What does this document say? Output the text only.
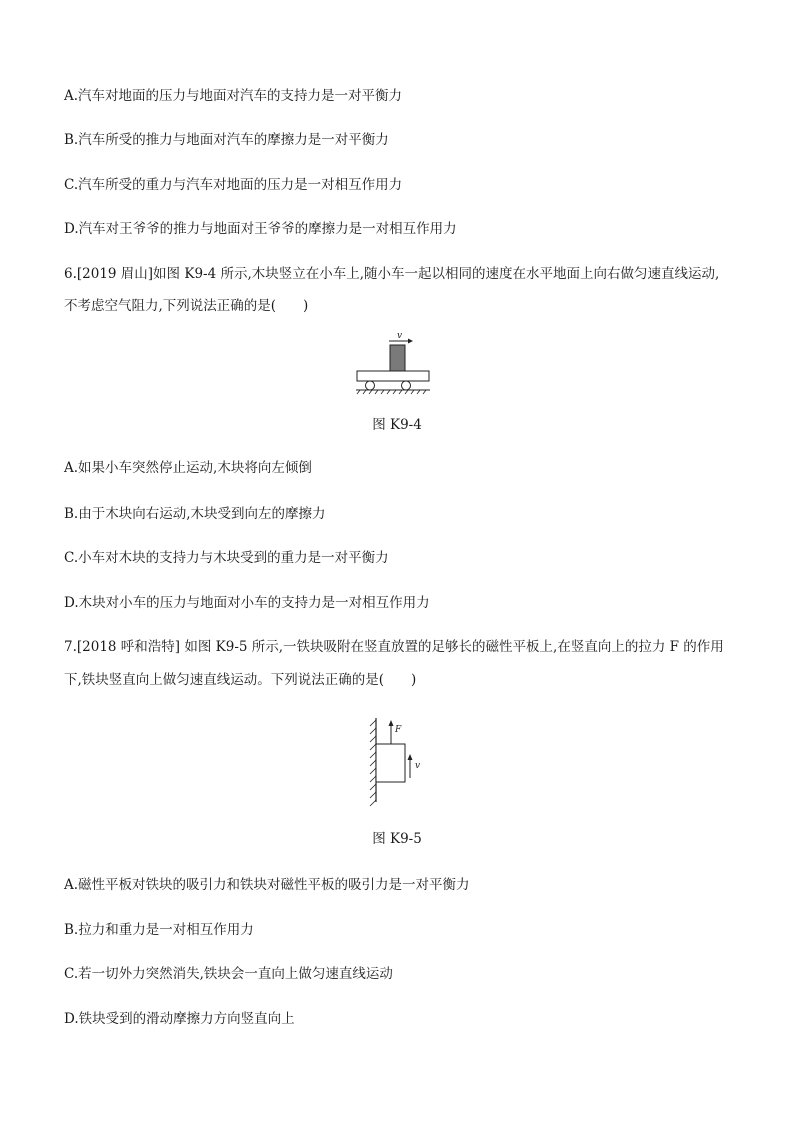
A.汽车对地面的压力与地面对汽车的支持力是一对平衡力
B.汽车所受的推力与地面对汽车的摩擦力是一对平衡力
C.汽车所受的重力与汽车对地面的压力是一对相互作用力
D.汽车对王爷爷的推力与地面对王爷爷的摩擦力是一对相互作用力
6.[2019 眉山]如图 K9-4 所示,木块竖立在小车上,随小车一起以相同的速度在水平地面上向右做匀速直线运动,
不考虑空气阻力,下列说法正确的是(　　)
v
图 K9-4
A.如果小车突然停止运动,木块将向左倾倒
B.由于木块向右运动,木块受到向左的摩擦力
C.小车对木块的支持力与木块受到的重力是一对平衡力
D.木块对小车的压力与地面对小车的支持力是一对相互作用力
7.[2018 呼和浩特] 如图 K9-5 所示,一铁块吸附在竖直放置的足够长的磁性平板上,在竖直向上的拉力 F 的作用
下,铁块竖直向上做匀速直线运动。下列说法正确的是(　　)
F
v
图 K9-5
A.磁性平板对铁块的吸引力和铁块对磁性平板的吸引力是一对平衡力
B.拉力和重力是一对相互作用力
C.若一切外力突然消失,铁块会一直向上做匀速直线运动
D.铁块受到的滑动摩擦力方向竖直向上
